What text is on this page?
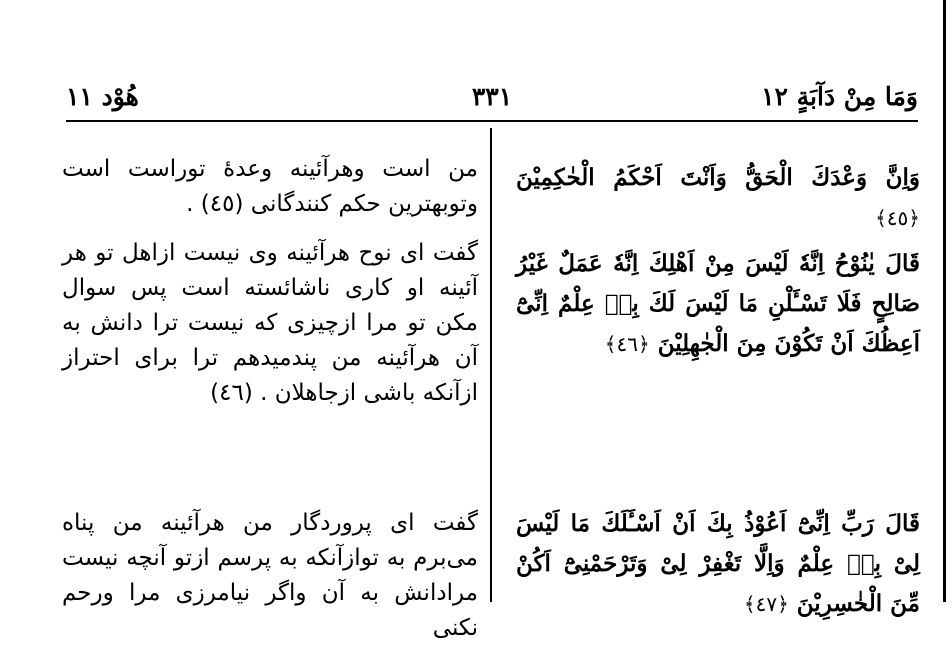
وَمَا مِنْ دَآبَةٍ ١٢
٣٣١
هُوْد ١١
من است وهرآئينه وعدهٔ توراست است وتوبهترين حكم كنندگانى (٤٥) .
گفت اى نوح هرآئينه وى نيست ازاهل تو هر آئينه او كارى ناشائسته است پس سوال مكن تو مرا ازچيزى كه نيست ترا دانش به آن هرآئينه من پندميدهم ترا براى احتراز ازآنكه باشى ازجاهلان . (٤٦)
گفت اى پروردگار من هرآئينه من پناه مى‌برم به توازآنكه به پرسم ازتو آنچه نيست مرادانش به آن واگر نيامرزى مرا ورحم نكنى
وَاِنَّ وَعْدَكَ الْحَقُّ وَاَنْتَ اَحْكَمُ الْحٰكِمِيْنَ ﴿٤٥﴾
قَالَ يٰنُوْحُ اِنَّهٗ لَيْسَ مِنْ اَهْلِكَ اِنَّهٗ عَمَلٌ غَيْرُ صَالِحٍ فَلَا تَسْـَٔلْنِ مَا لَيْسَ لَكَ بِهٖ عِلْمٌ اِنِّىْٓ اَعِظُكَ اَنْ تَكُوْنَ مِنَ الْجٰهِلِيْنَ ﴿٤٦﴾
قَالَ رَبِّ اِنِّىْٓ اَعُوْذُ بِكَ اَنْ اَسْـَٔلَكَ مَا لَيْسَ لِىْ بِهٖ عِلْمٌ وَاِلَّا تَغْفِرْ لِىْ وَتَرْحَمْنِىْٓ اَكُنْ مِّنَ الْخٰسِرِيْنَ ﴿٤٧﴾
